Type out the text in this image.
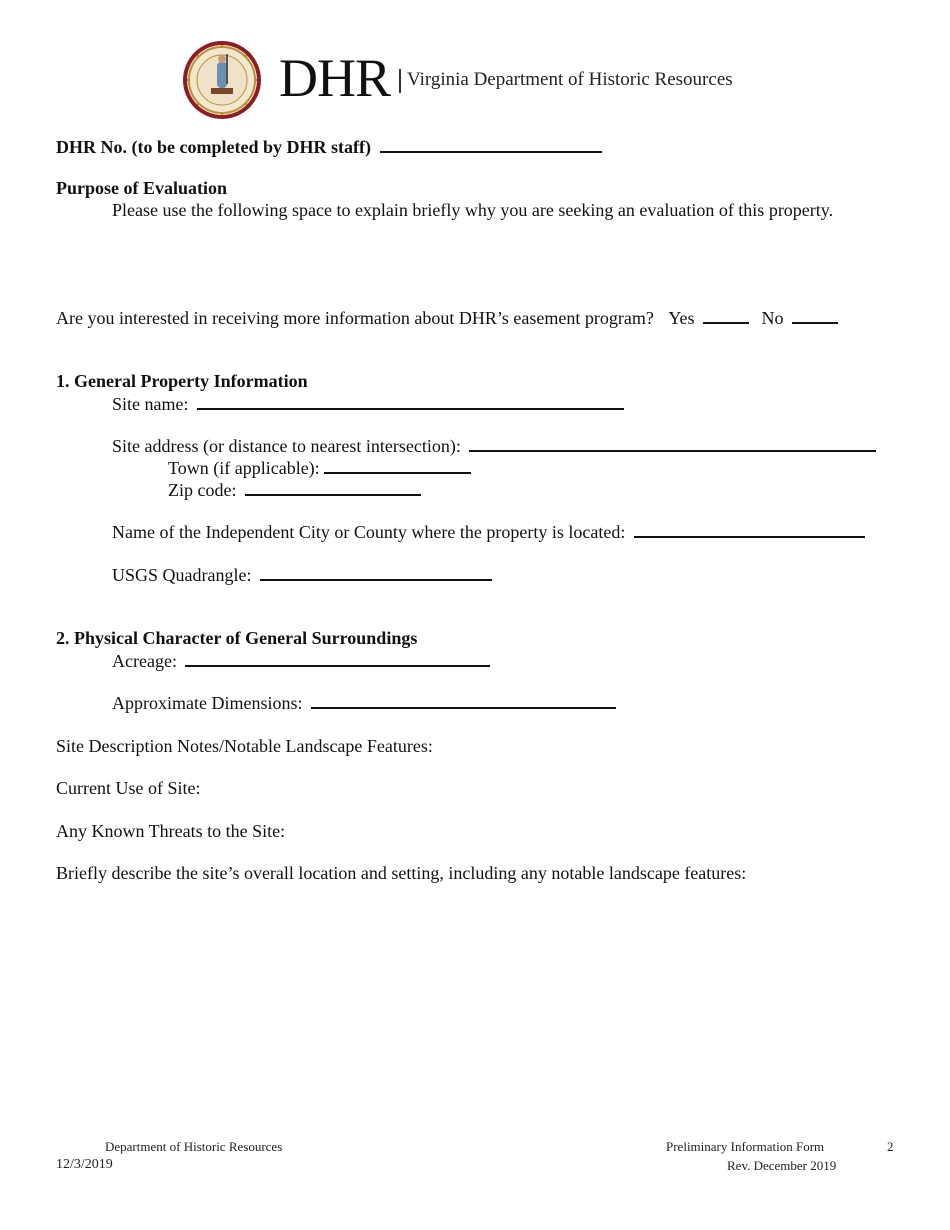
DHR Virginia Department of Historic Resources
DHR No. (to be completed by DHR staff)
Purpose of Evaluation
Please use the following space to explain briefly why you are seeking an evaluation of this property.
Are you interested in receiving more information about DHR’s easement program? Yes	No
1. General Property Information
Site name:
Site address (or distance to nearest intersection):
Town (if applicable):
Zip code:
Name of the Independent City or County where the property is located:
USGS Quadrangle:
2. Physical Character of General Surroundings
Acreage:
Approximate Dimensions:
Site Description Notes/Notable Landscape Features:
Current Use of Site:
Any Known Threats to the Site:
Briefly describe the site’s overall location and setting, including any notable landscape features:
Department of Historic Resources
12/3/2019
Preliminary Information Form
Rev. December 2019
2
